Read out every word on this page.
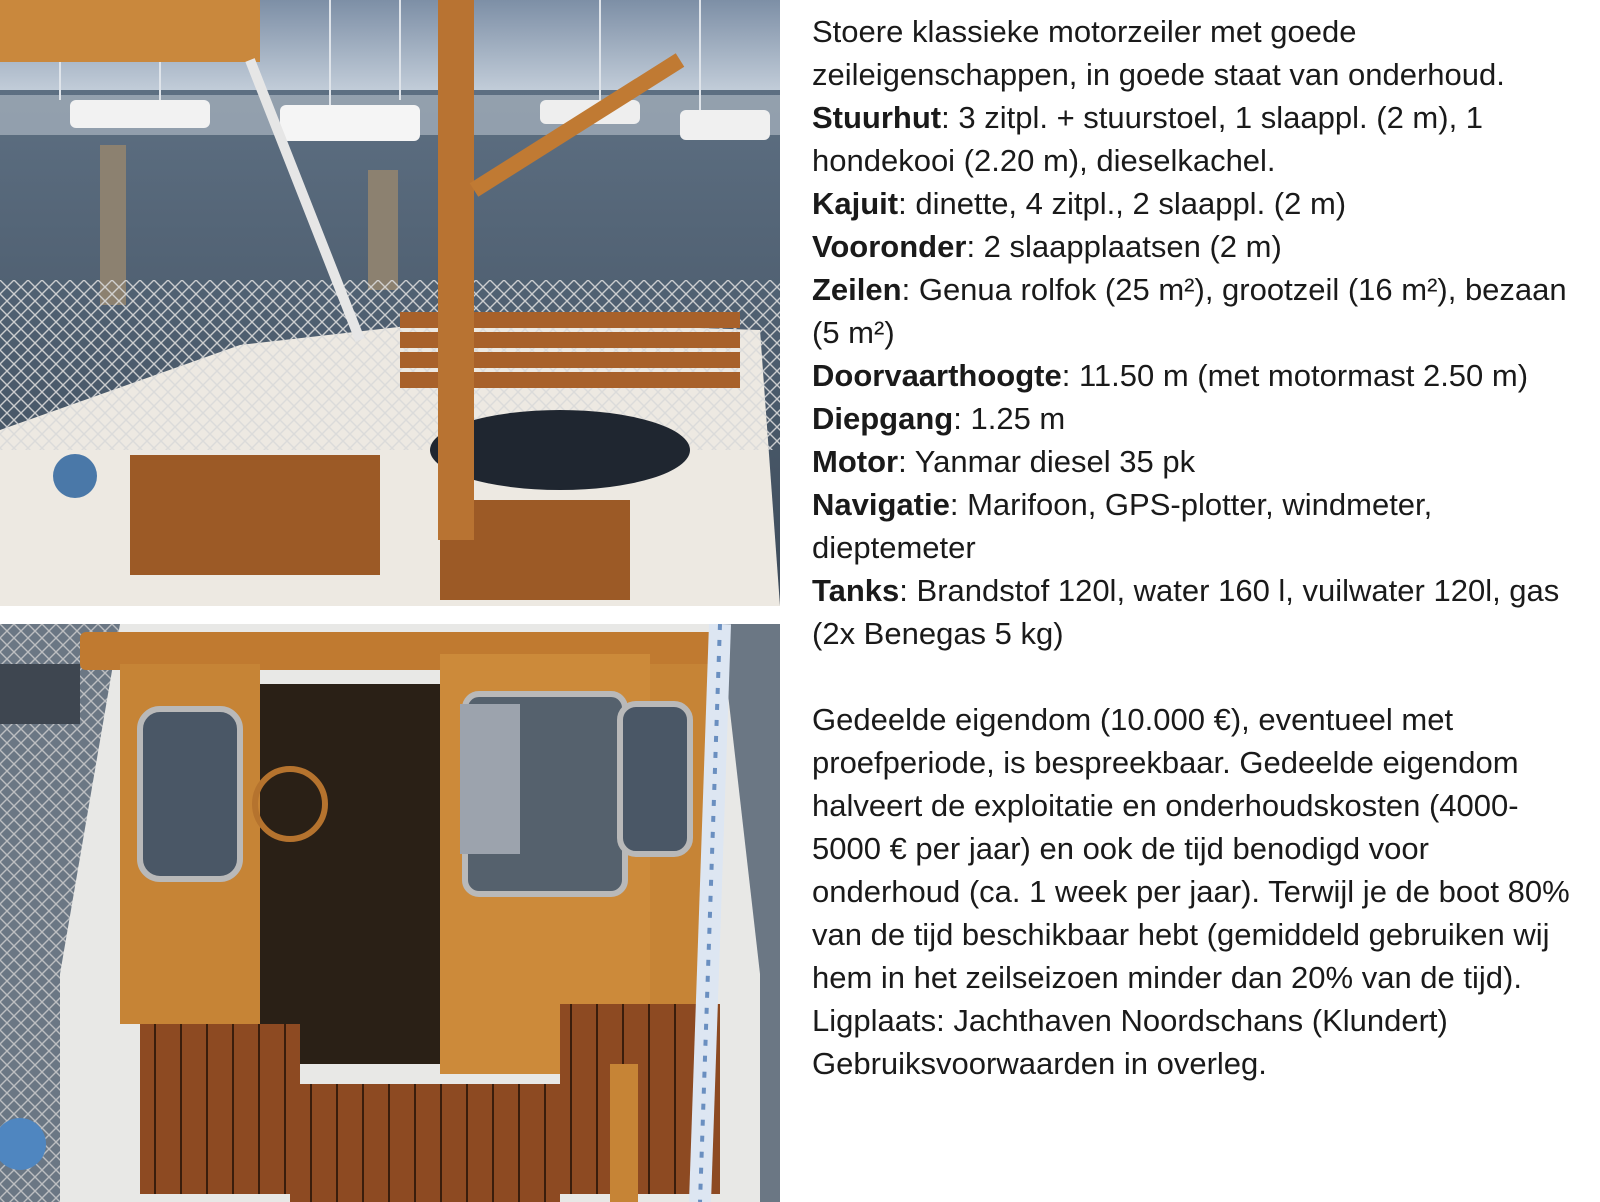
Stoere klassieke motorzeiler met goede zeileigenschappen, in goede staat van onderhoud.

Stuurhut: 3 zitpl. + stuurstoel, 1 slaappl. (2 m), 1 hondekooi (2.20 m), dieselkachel.

Kajuit: dinette, 4 zitpl., 2 slaappl. (2 m)

Vooronder: 2 slaapplaatsen (2 m)

Zeilen: Genua rolfok (25 m²), grootzeil (16 m²), bezaan (5 m²)

Doorvaarthoogte: 11.50 m (met motormast 2.50 m)

Diepgang: 1.25 m

Motor: Yanmar diesel 35 pk

Navigatie: Marifoon, GPS-plotter, windmeter, dieptemeter

Tanks: Brandstof 120l, water 160 l, vuilwater 120l, gas (2x Benegas 5 kg)

Gedeelde eigendom (10.000 €), eventueel met proefperiode, is bespreekbaar. Gedeelde eigendom halveert de exploitatie en onderhoudskosten (4000-5000 € per jaar) en ook de tijd benodigd voor onderhoud (ca. 1 week per jaar). Terwijl je de boot 80% van de tijd beschikbaar hebt (gemiddeld gebruiken wij hem in het zeilseizoen minder dan 20% van de tijd).

Ligplaats: Jachthaven Noordschans (Klundert)

Gebruiksvoorwaarden in overleg.
